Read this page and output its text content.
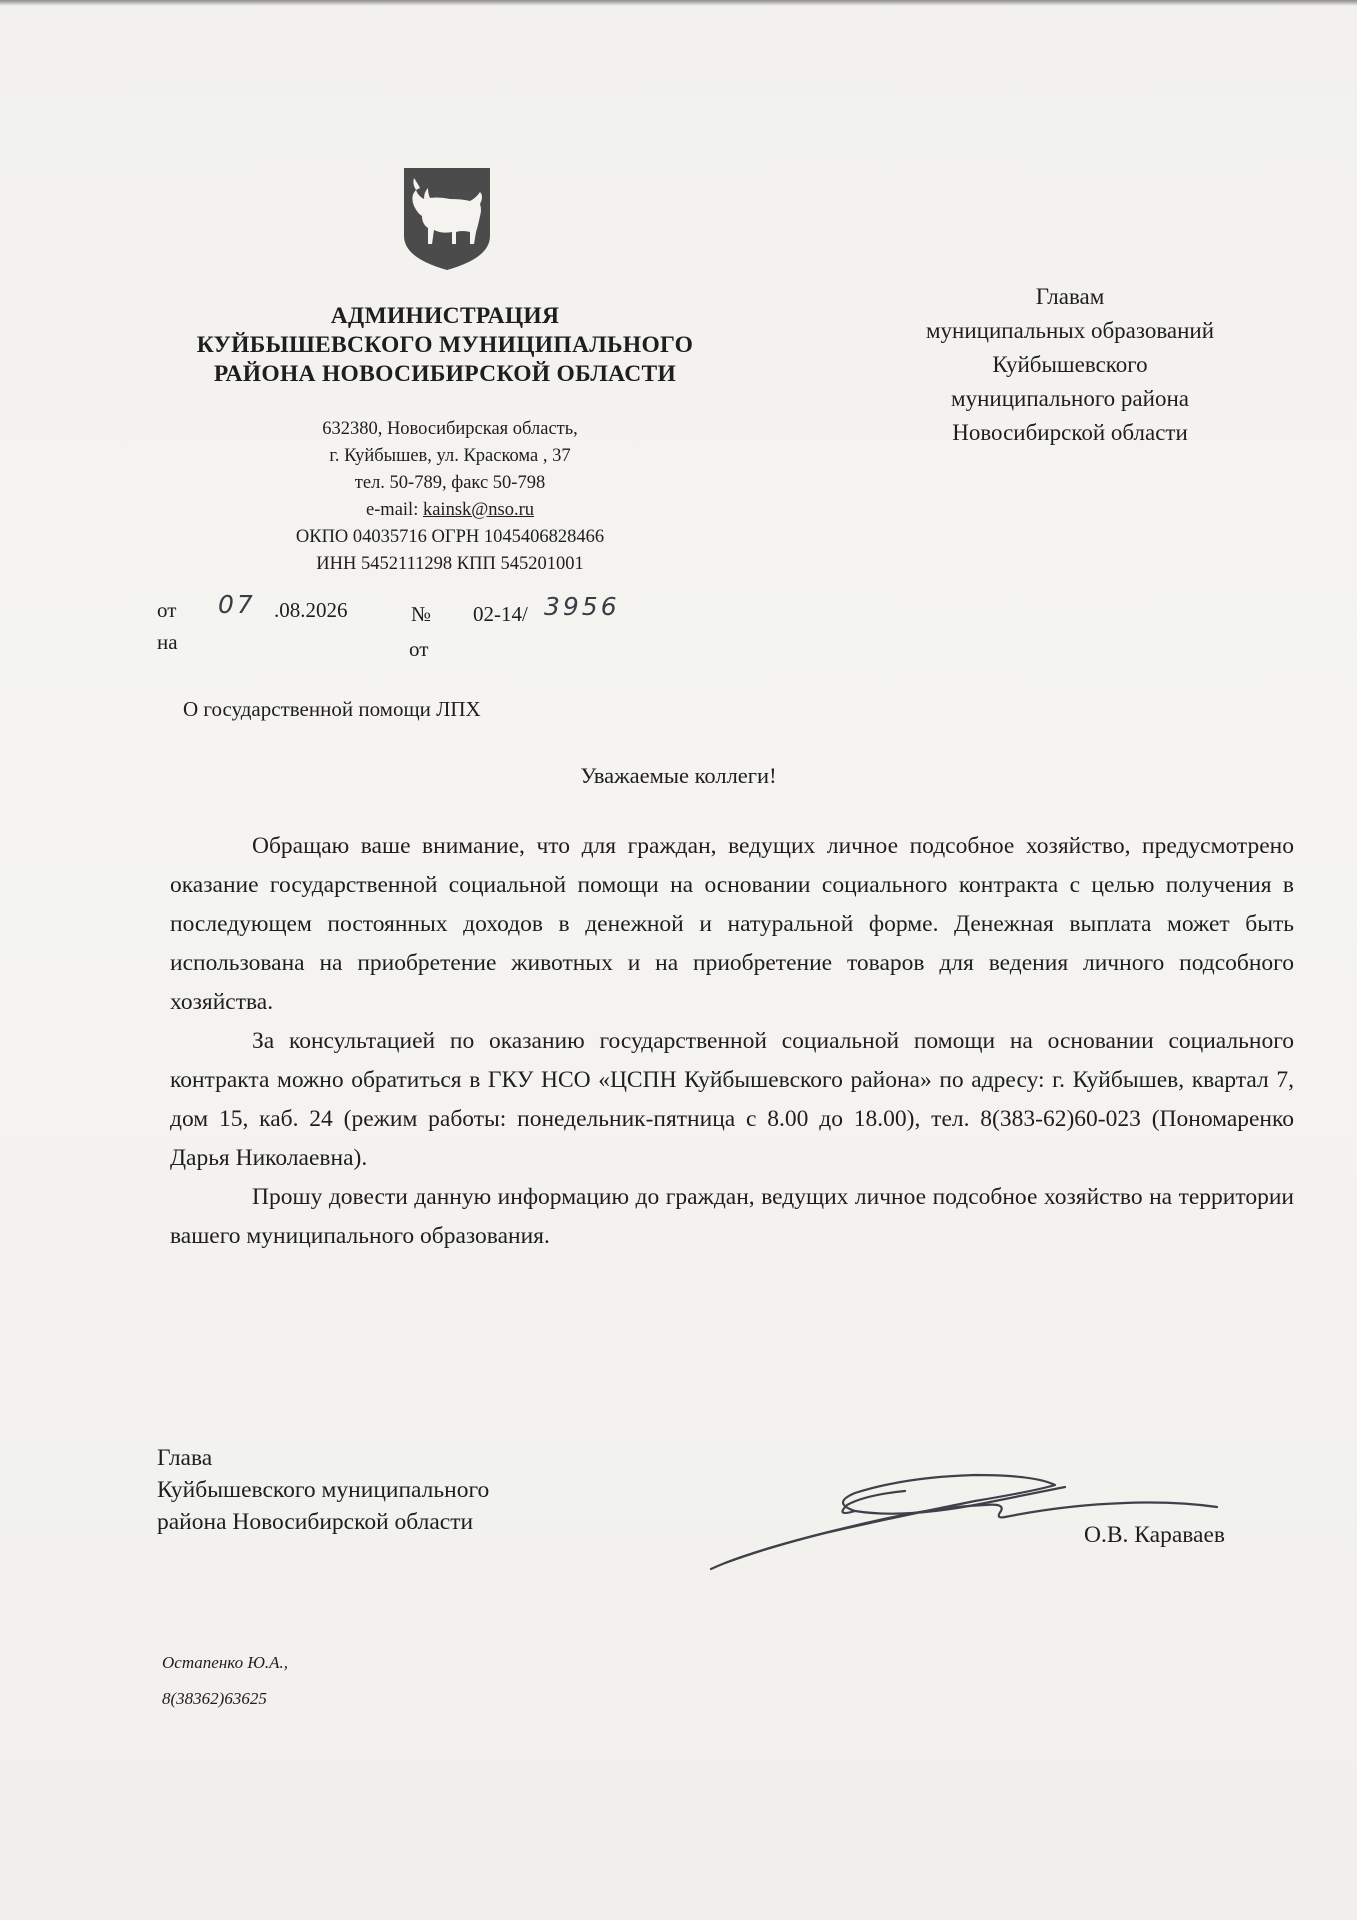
АДМИНИСТРАЦИЯ
КУЙБЫШЕВСКОГО МУНИЦИПАЛЬНОГО
РАЙОНА НОВОСИБИРСКОЙ ОБЛАСТИ
632380, Новосибирская область,
г. Куйбышев, ул. Краскома , 37
тел. 50-789, факс 50-798
e-mail: kainsk@nso.ru
ОКПО 04035716 ОГРН 1045406828466
ИНН 5452111298 КПП 545201001
Главам
муниципальных образований
Куйбышевского
муниципального района
Новосибирской области
от 07 .08.2026	№ 02-14/ 3956
на	от
О государственной помощи ЛПХ
Уважаемые коллеги!

Обращаю ваше внимание, что для граждан, ведущих личное подсобное хозяйство, предусмотрено оказание государственной социальной помощи на основании социального контракта с целью получения в последующем постоянных доходов в денежной и натуральной форме. Денежная выплата может быть использована на приобретение животных и на приобретение товаров для ведения личного подсобного хозяйства.

За консультацией по оказанию государственной социальной помощи на основании социального контракта можно обратиться в ГКУ НСО «ЦСПН Куйбышевского района» по адресу: г. Куйбышев, квартал 7, дом 15, каб. 24 (режим работы: понедельник-пятница с 8.00 до 18.00), тел. 8(383-62)60-023 (Пономаренко Дарья Николаевна).

Прошу довести данную информацию до граждан, ведущих личное подсобное хозяйство на территории вашего муниципального образования.

Глава
Куйбышевского муниципального
района Новосибирской области	О.В. Караваев
Остапенко Ю.А.,
8(38362)63625
